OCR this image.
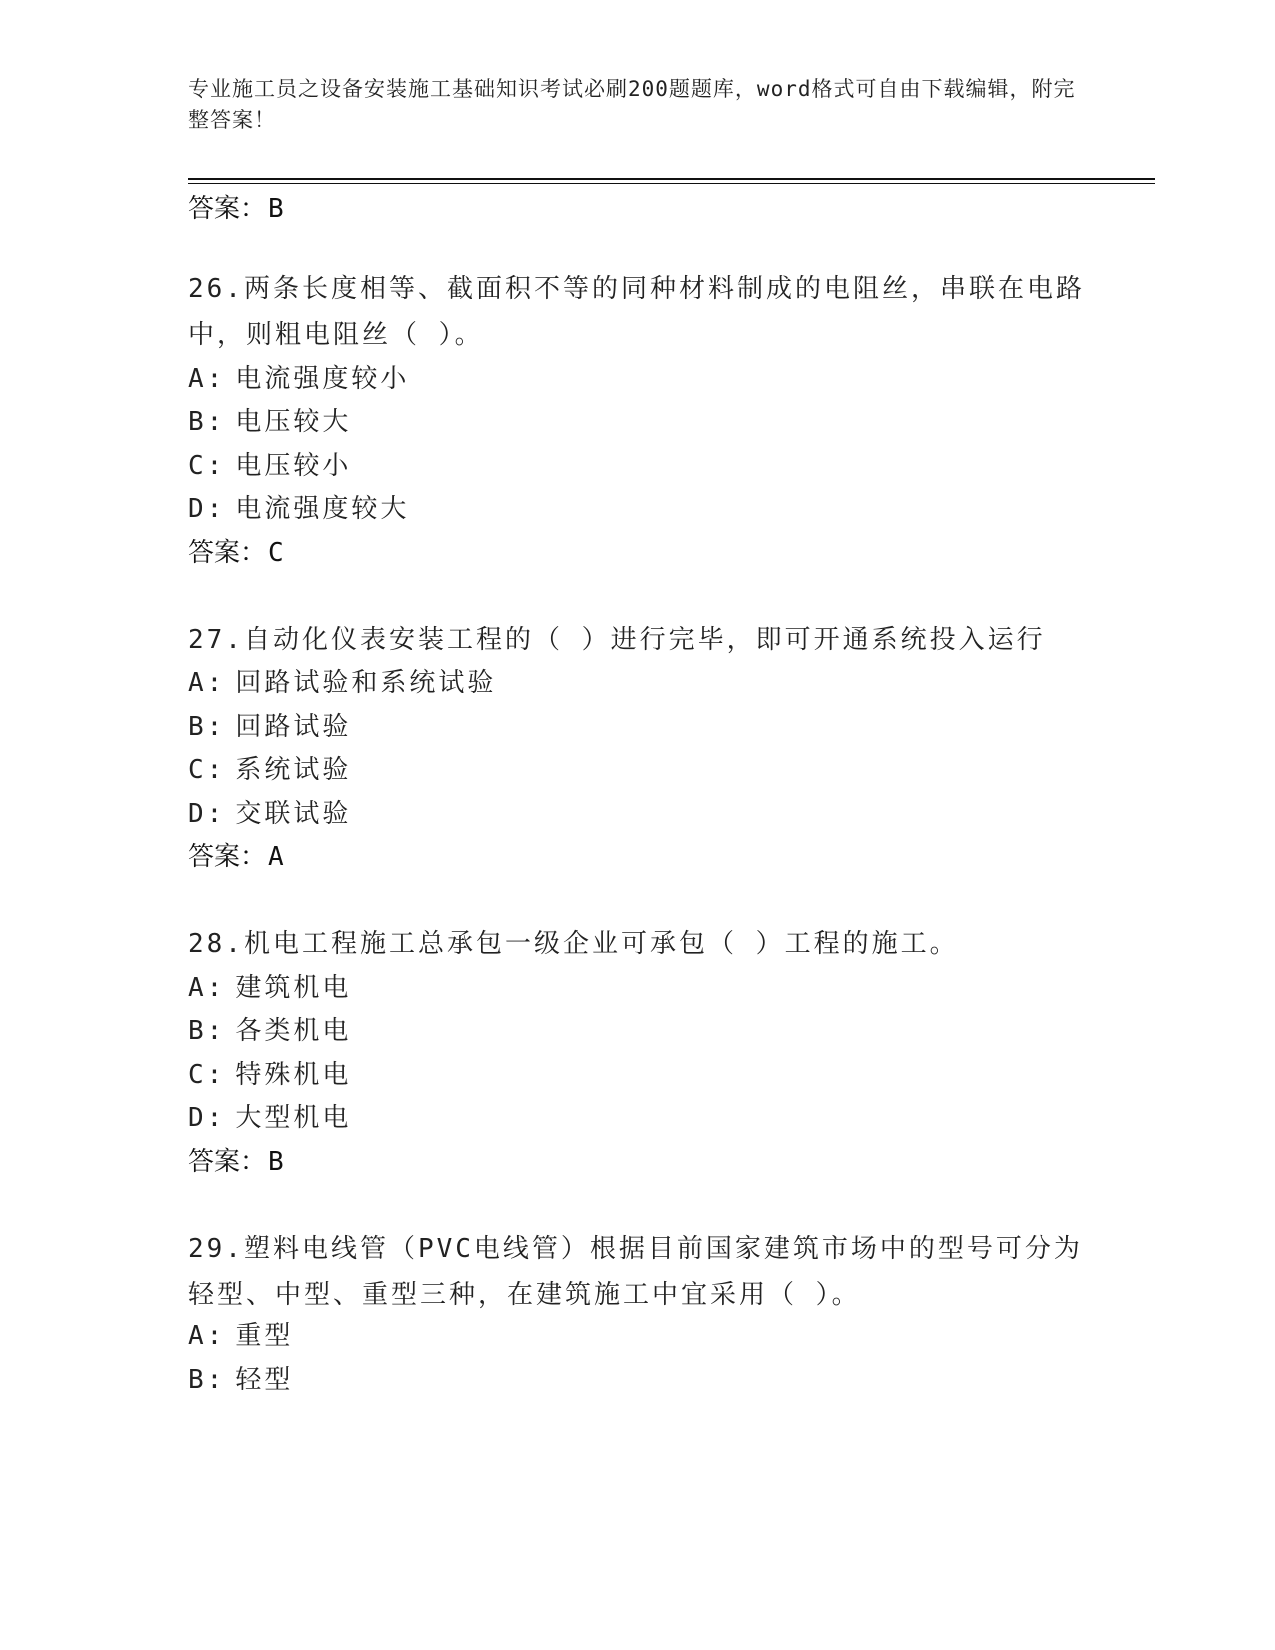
专业施工员之设备安装施工基础知识考试必刷200题题库，word格式可自由下载编辑，附完整答案！
答案：B
26.两条长度相等、截面积不等的同种材料制成的电阻丝，串联在电路中，则粗电阻丝（ ）。
A: 电流强度较小
B: 电压较大
C: 电压较小
D: 电流强度较大
答案：C
27.自动化仪表安装工程的（ ）进行完毕，即可开通系统投入运行
A: 回路试验和系统试验
B: 回路试验
C: 系统试验
D: 交联试验
答案：A
28.机电工程施工总承包一级企业可承包（ ）工程的施工。
A: 建筑机电
B: 各类机电
C: 特殊机电
D: 大型机电
答案：B
29.塑料电线管（PVC电线管）根据目前国家建筑市场中的型号可分为轻型、中型、重型三种，在建筑施工中宜采用（ ）。
A: 重型
B: 轻型
